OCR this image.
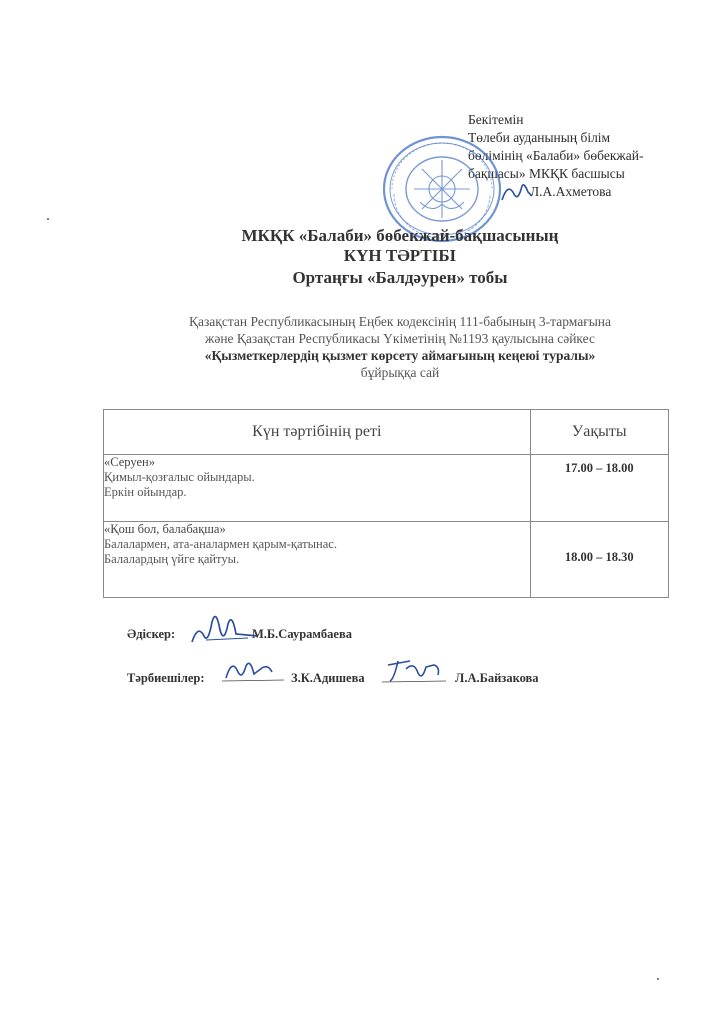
Бекітемін
Төлеби ауданының білім
бөлімінің «Балаби» бөбекжай-
бақшасы» МКҚК басшысы
Л.А.Ахметова
МКҚК «Балаби» бөбекжай-бақшасының
КҮН ТӘРТІБІ
Ортаңғы «Балдәурен» тобы
Қазақстан Республикасының Еңбек кодексінің 111-бабының 3-тармағына
және Қазақстан Республикасы Үкіметінің №1193 қаулысына сәйкес
«Қызметкерлердің қызмет көрсету аймағының кеңеюі туралы»
бұйрыққа сай
Күн тәртібінің реті	Уақыты

«Серуен»
Қимыл-қозғалыс ойындары.
Еркін ойындар.	17.00 – 18.00

«Қош бол, балабақша»
Балалармен, ата-аналармен қарым-қатынас.
Балалардың үйге қайтуы.	18.00 – 18.30
Әдіскер:	М.Б.Саурамбаева
Тәрбиешілер:	З.К.Адишева	Л.А.Байзакова
